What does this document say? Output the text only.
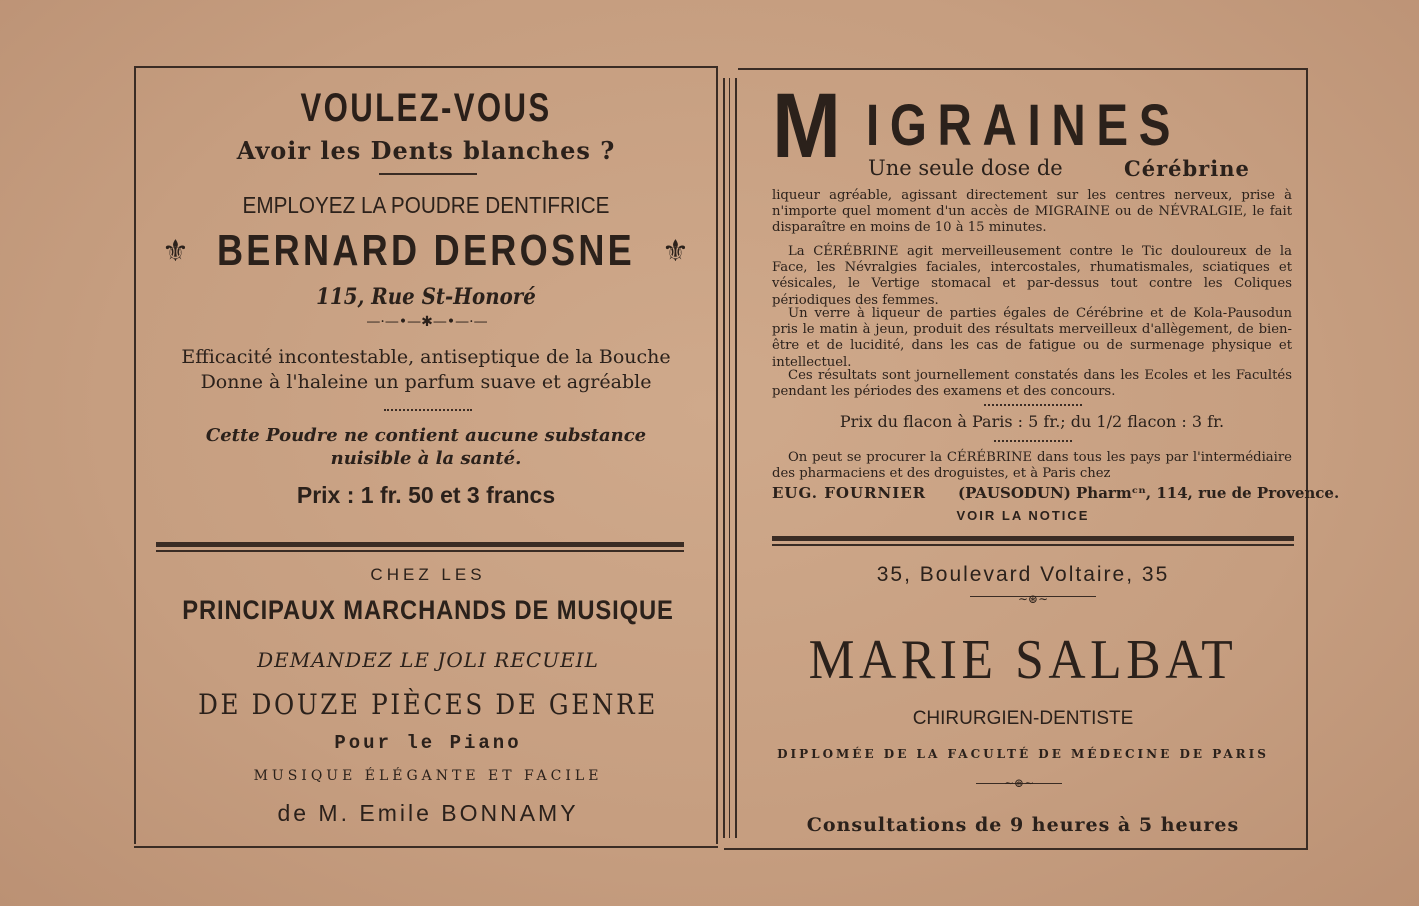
VOULEZ-VOUS
Avoir les Dents blanches ?
EMPLOYEZ LA POUDRE DENTIFRICE
⚜ BERNARD DEROSNE ⚜
115, Rue St-Honoré
—·—•—✱—•—·—
Efficacité incontestable, antiseptique de la Bouche
Donne à l'haleine un parfum suave et agréable
Cette Poudre ne contient aucune substance
nuisible à la santé.
Prix : 1 fr. 50 et 3 francs
CHEZ LES
PRINCIPAUX MARCHANDS DE MUSIQUE
DEMANDEZ LE JOLI RECUEIL
DE DOUZE PIÈCES DE GENRE
Pour le Piano
MUSIQUE ÉLÉGANTE ET FACILE
de M. Emile BONNAMY
M IGRAINES
Une seule dose de	Cérébrine
liqueur agréable, agissant directement sur les centres nerveux, prise à n'importe quel moment d'un accès de MIGRAINE ou de NÉVRALGIE, le fait disparaître en moins de 10 à 15 minutes.
La CÉRÉBRINE agit merveilleusement contre le Tic douloureux de la Face, les Névralgies faciales, intercostales, rhumatismales, sciatiques et vésicales, le Vertige stomacal et par-dessus tout contre les Coliques périodiques des femmes.
Un verre à liqueur de parties égales de Cérébrine et de Kola-Pausodun pris le matin à jeun, produit des résultats merveilleux d'allègement, de bien-être et de lucidité, dans les cas de fatigue ou de surmenage physique et intellectuel.
Ces résultats sont journellement constatés dans les Ecoles et les Facultés pendant les périodes des examens et des concours.
Prix du flacon à Paris : 5 fr.; du 1/2 flacon : 3 fr.
On peut se procurer la CÉRÉBRINE dans tous les pays par l'intermédiaire des pharmaciens et des droguistes, et à Paris chez
EUG. FOURNIER (PAUSODUN) Pharmᶜⁿ, 114, rue de Provence.
VOIR LA NOTICE
35, Boulevard Voltaire, 35
∼⊛∼
MARIE SALBAT
CHIRURGIEN-DENTISTE
DIPLOMÉE DE LA FACULTÉ DE MÉDECINE DE PARIS
∼⊛∼
Consultations de 9 heures à 5 heures
